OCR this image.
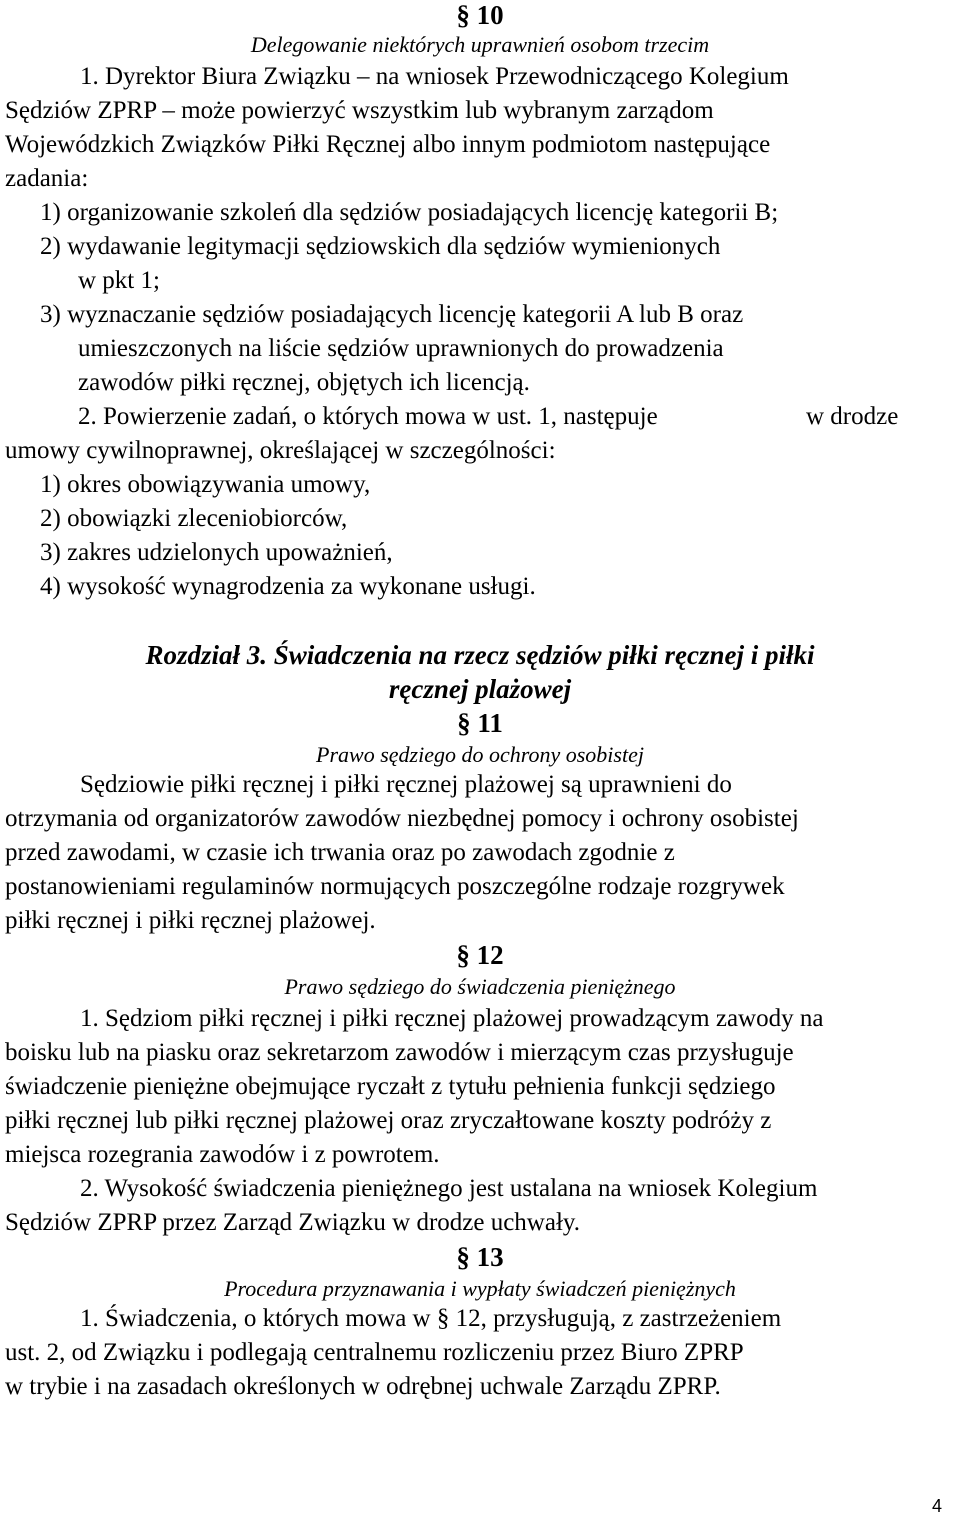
§ 10
Delegowanie niektórych uprawnień osobom trzecim
1. Dyrektor Biura Związku – na wniosek Przewodniczącego Kolegium
Sędziów ZPRP – może powierzyć wszystkim lub wybranym zarządom
Wojewódzkich Związków Piłki Ręcznej albo innym podmiotom następujące
zadania:
1) organizowanie szkoleń dla sędziów posiadających licencję kategorii B;
2) wydawanie legitymacji sędziowskich dla sędziów wymienionych
w pkt 1;
3) wyznaczanie sędziów posiadających licencję kategorii A lub B oraz
umieszczonych na liście sędziów uprawnionych do prowadzenia
zawodów piłki ręcznej, objętych ich licencją.
2. Powierzenie zadań, o których mowa w ust. 1, następuje	w drodze
umowy cywilnoprawnej, określającej w szczególności:
1) okres obowiązywania umowy,
2) obowiązki zleceniobiorców,
3) zakres udzielonych upoważnień,
4) wysokość wynagrodzenia za wykonane usługi.
Rozdział 3. Świadczenia na rzecz sędziów piłki ręcznej i piłki
ręcznej plażowej
§ 11
Prawo sędziego do ochrony osobistej
Sędziowie piłki ręcznej i piłki ręcznej plażowej są uprawnieni do
otrzymania od organizatorów zawodów niezbędnej pomocy i ochrony osobistej
przed zawodami, w czasie ich trwania oraz po zawodach zgodnie z
postanowieniami regulaminów normujących poszczególne rodzaje rozgrywek
piłki ręcznej i piłki ręcznej plażowej.
§ 12
Prawo sędziego do świadczenia pieniężnego
1. Sędziom piłki ręcznej i piłki ręcznej plażowej prowadzącym zawody na
boisku lub na piasku oraz sekretarzom zawodów i mierzącym czas przysługuje
świadczenie pieniężne obejmujące ryczałt z tytułu pełnienia funkcji sędziego
piłki ręcznej lub piłki ręcznej plażowej oraz zryczałtowane koszty podróży z
miejsca rozegrania zawodów i z powrotem.
2. Wysokość świadczenia pieniężnego jest ustalana na wniosek Kolegium
Sędziów ZPRP przez Zarząd Związku w drodze uchwały.
§ 13
Procedura przyznawania i wypłaty świadczeń pieniężnych
1. Świadczenia, o których mowa w § 12, przysługują, z zastrzeżeniem
ust. 2, od Związku i podlegają centralnemu rozliczeniu przez Biuro ZPRP
w trybie i na zasadach określonych w odrębnej uchwale Zarządu ZPRP.
4
